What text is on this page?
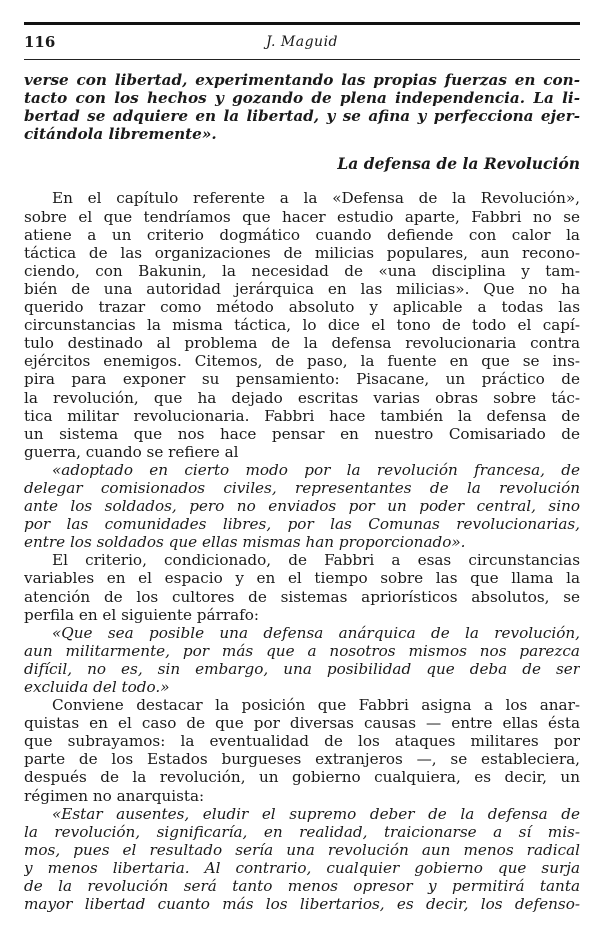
116	J. Maguid
verse con libertad, experimentando las propias fuerzas en con-
tacto con los hechos y gozando de plena independencia. La li-
bertad se adquiere en la libertad, y se afina y perfecciona ejer-
citándola libremente».
La defensa de la Revolución
En el capítulo referente a la «Defensa de la Revolución»,
sobre el que tendríamos que hacer estudio aparte, Fabbri no se
atiene a un criterio dogmático cuando defiende con calor la
táctica de las organizaciones de milicias populares, aun recono-
ciendo, con Bakunin, la necesidad de «una disciplina y tam-
bién de una autoridad jerárquica en las milicias». Que no ha
querido trazar como método absoluto y aplicable a todas las
circunstancias la misma táctica, lo dice el tono de todo el capí-
tulo destinado al problema de la defensa revolucionaria contra
ejércitos enemigos. Citemos, de paso, la fuente en que se ins-
pira para exponer su pensamiento: Pisacane, un práctico de
la revolución, que ha dejado escritas varias obras sobre tác-
tica militar revolucionaria. Fabbri hace también la defensa de
un sistema que nos hace pensar en nuestro Comisariado de
guerra, cuando se refiere al
«adoptado en cierto modo por la revolución francesa, de
delegar comisionados civiles, representantes de la revolución
ante los soldados, pero no enviados por un poder central, sino
por las comunidades libres, por las Comunas revolucionarias,
entre los soldados que ellas mismas han proporcionado».
El criterio, condicionado, de Fabbri a esas circunstancias
variables en el espacio y en el tiempo sobre las que llama la
atención de los cultores de sistemas apriorísticos absolutos, se
perfila en el siguiente párrafo:
«Que sea posible una defensa anárquica de la revolución,
aun militarmente, por más que a nosotros mismos nos parezca
difícil, no es, sin embargo, una posibilidad que deba de ser
excluida del todo.»
Conviene destacar la posición que Fabbri asigna a los anar-
quistas en el caso de que por diversas causas — entre ellas ésta
que subrayamos: la eventualidad de los ataques militares por
parte de los Estados burgueses extranjeros —, se estableciera,
después de la revolución, un gobierno cualquiera, es decir, un
régimen no anarquista:
«Estar ausentes, eludir el supremo deber de la defensa de
la revolución, significaría, en realidad, traicionarse a sí mis-
mos, pues el resultado sería una revolución aun menos radical
y menos libertaria. Al contrario, cualquier gobierno que surja
de la revolución será tanto menos opresor y permitirá tanta
mayor libertad cuanto más los libertarios, es decir, los defenso-
